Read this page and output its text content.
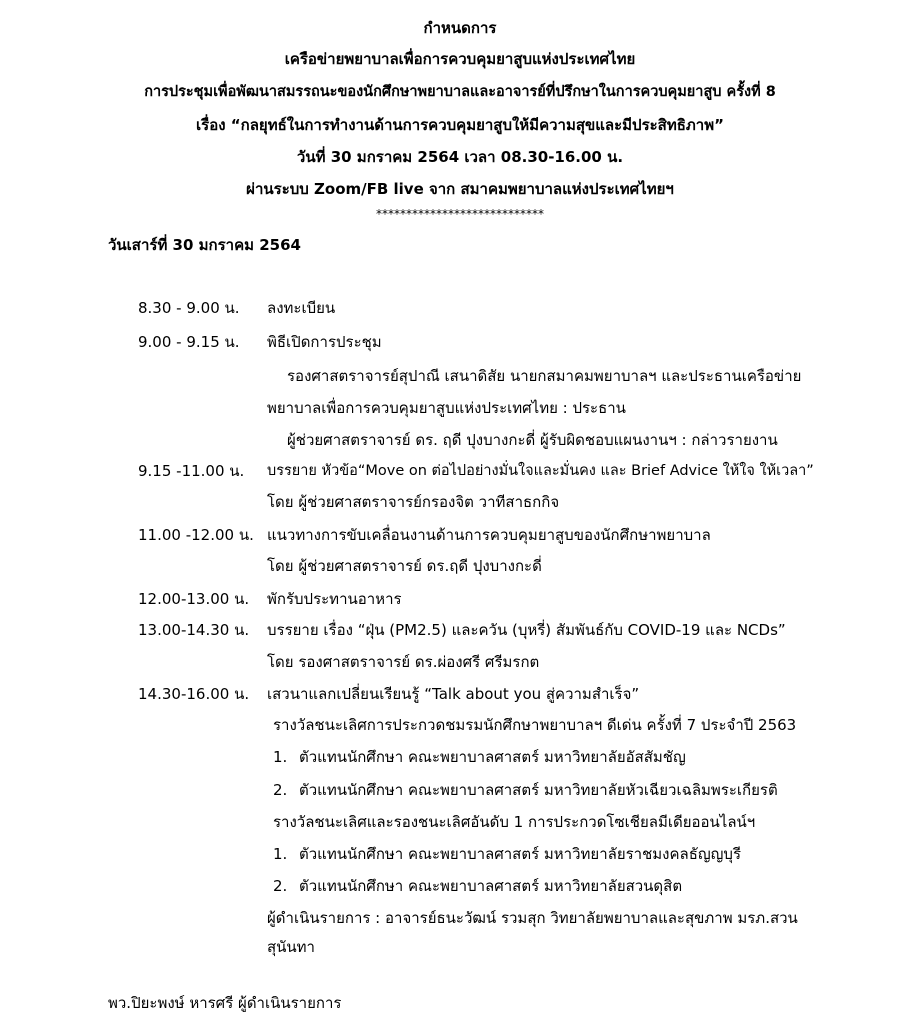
กำหนดการ
เครือข่ายพยาบาลเพื่อการควบคุมยาสูบแห่งประเทศไทย
การประชุมเพื่อพัฒนาสมรรถนะของนักศึกษาพยาบาลและอาจารย์ที่ปรึกษาในการควบคุมยาสูบ ครั้งที่ 8
เรื่อง “กลยุทธ์ในการทำงานด้านการควบคุมยาสูบให้มีความสุขและมีประสิทธิภาพ”
วันที่ 30 มกราคม 2564 เวลา 08.30-16.00 น.
ผ่านระบบ Zoom/FB live จาก สมาคมพยาบาลแห่งประเทศไทยฯ
****************************
วันเสาร์ที่ 30 มกราคม 2564
8.30 - 9.00 น. ลงทะเบียน
9.00 - 9.15 น. พิธีเปิดการประชุม
รองศาสตราจารย์สุปาณี เสนาดิสัย นายกสมาคมพยาบาลฯ และประธานเครือข่าย
พยาบาลเพื่อการควบคุมยาสูบแห่งประเทศไทย : ประธาน
ผู้ช่วยศาสตราจารย์ ดร. ฤดี ปุงบางกะดี่ ผู้รับผิดชอบแผนงานฯ : กล่าวรายงาน
9.15 -11.00 น. บรรยาย หัวข้อ“Move on ต่อไปอย่างมั่นใจและมั่นคง และ Brief Advice ให้ใจ ให้เวลา”
โดย ผู้ช่วยศาสตราจารย์กรองจิต วาทีสาธกกิจ
11.00 -12.00 น. แนวทางการขับเคลื่อนงานด้านการควบคุมยาสูบของนักศึกษาพยาบาล
โดย ผู้ช่วยศาสตราจารย์ ดร.ฤดี ปุงบางกะดี่
12.00-13.00 น. พักรับประทานอาหาร
13.00-14.30 น. บรรยาย เรื่อง “ฝุ่น (PM2.5) และควัน (บุหรี่) สัมพันธ์กับ COVID-19 และ NCDs”
โดย รองศาสตราจารย์ ดร.ผ่องศรี ศรีมรกต
14.30-16.00 น. เสวนาแลกเปลี่ยนเรียนรู้ “Talk about you สู่ความสำเร็จ”
รางวัลชนะเลิศการประกวดชมรมนักศึกษาพยาบาลฯ ดีเด่น ครั้งที่ 7 ประจำปี 2563
1. ตัวแทนนักศึกษา คณะพยาบาลศาสตร์ มหาวิทยาลัยอัสสัมชัญ
2. ตัวแทนนักศึกษา คณะพยาบาลศาสตร์ มหาวิทยาลัยหัวเฉียวเฉลิมพระเกียรติ
รางวัลชนะเลิศและรองชนะเลิศอันดับ 1 การประกวดโซเชียลมีเดียออนไลน์ฯ
1. ตัวแทนนักศึกษา คณะพยาบาลศาสตร์ มหาวิทยาลัยราชมงคลธัญญบุรี
2. ตัวแทนนักศึกษา คณะพยาบาลศาสตร์ มหาวิทยาลัยสวนดุสิต
ผู้ดำเนินรายการ : อาจารย์ธนะวัฒน์ รวมสุก วิทยาลัยพยาบาลและสุขภาพ มรภ.สวน
สุนันทา
พว.ปิยะพงษ์ หารศรี ผู้ดำเนินรายการ
